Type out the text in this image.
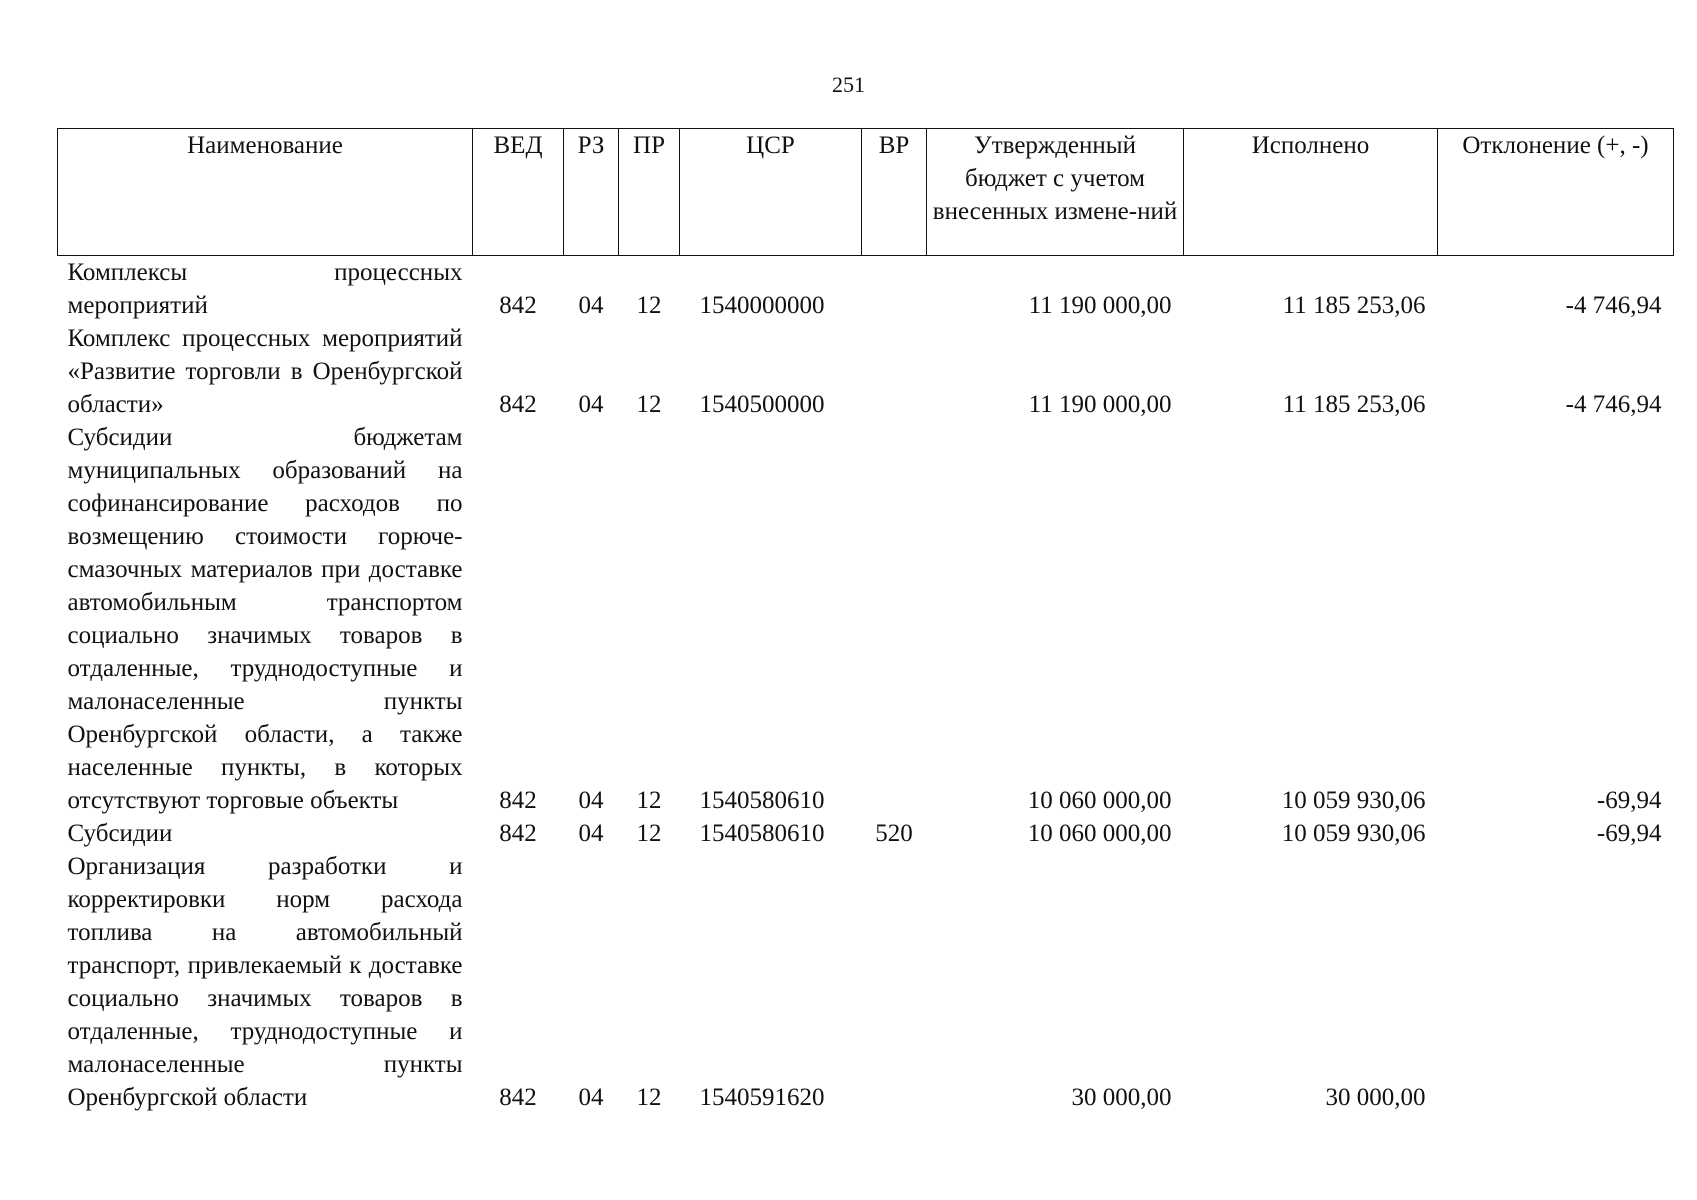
251
Наименование	ВЕД	РЗ	ПР	ЦСР	ВР	Утвержденный бюджет с учетом внесенных измене-ний	Исполнено	Отклонение (+, -)
Комплексы процессных мероприятий	842	04	12	1540000000		11 190 000,00	11 185 253,06	-4 746,94
Комплекс процессных мероприятий «Развитие торговли в Оренбургской области»	842	04	12	1540500000		11 190 000,00	11 185 253,06	-4 746,94
Субсидии бюджетам муниципальных образований на софинансирование расходов по возмещению стоимости горюче-смазочных материалов при доставке автомобильным транспортом социально значимых товаров в отдаленные, труднодоступные и малонаселенные пункты Оренбургской области, а также населенные пункты, в которых отсутствуют торговые объекты	842	04	12	1540580610		10 060 000,00	10 059 930,06	-69,94
Субсидии	842	04	12	1540580610	520	10 060 000,00	10 059 930,06	-69,94
Организация разработки и корректировки норм расхода топлива на автомобильный транспорт, привлекаемый к доставке социально значимых товаров в отдаленные, труднодоступные и малонаселенные пункты Оренбургской области	842	04	12	1540591620		30 000,00	30 000,00	
